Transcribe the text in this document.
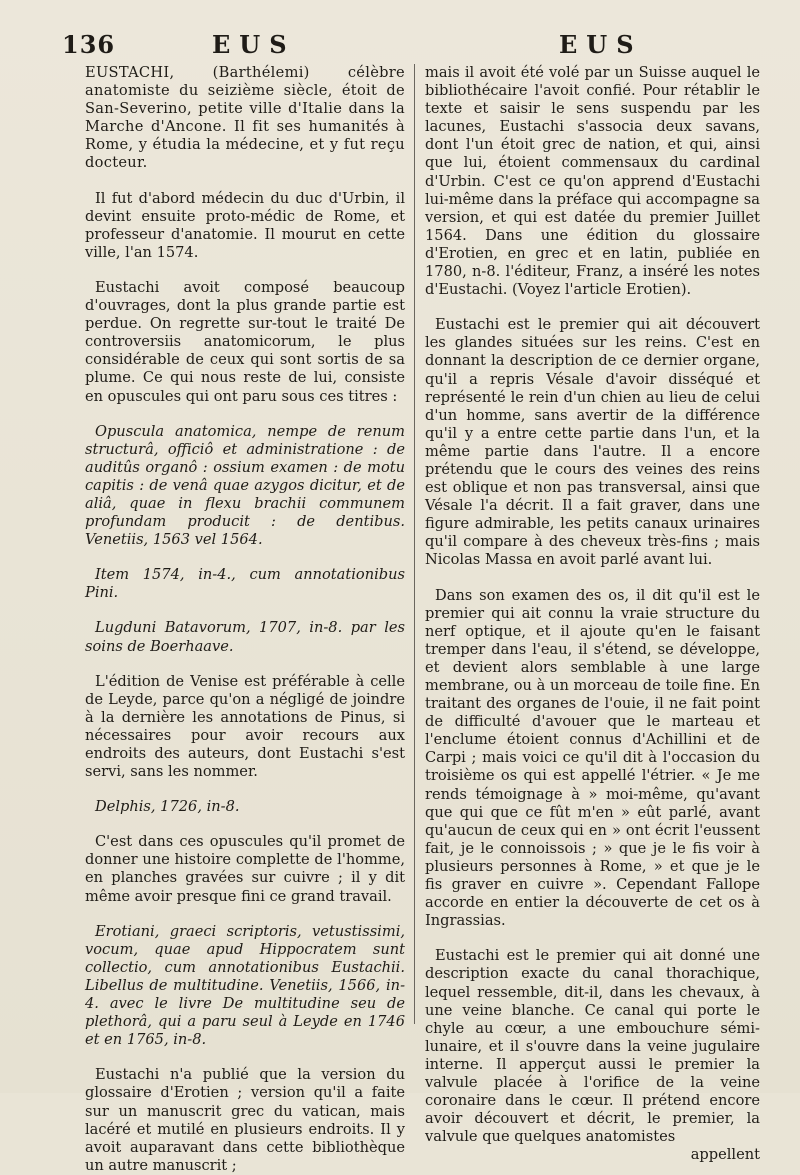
136	EUS	EUS

EUSTACHI, (Barthélemi) célèbre anatomiste du seizième siècle, étoit de San-Severino, petite ville d'Italie dans la Marche d'Ancone. Il fit ses humanités à Rome, y étudia la médecine, et y fut reçu docteur.

Il fut d'abord médecin du duc d'Urbin, il devint ensuite proto-médic de Rome, et professeur d'anatomie. Il mourut en cette ville, l'an 1574.

Eustachi avoit composé beaucoup d'ouvrages, dont la plus grande partie est perdue. On regrette sur-tout le traité De controversiis anatomicorum, le plus considérable de ceux qui sont sortis de sa plume. Ce qui nous reste de lui, consiste en opuscules qui ont paru sous ces titres :

Opuscula anatomica, nempe de renum structurâ, officiô et administratione : de auditûs organô : ossium examen : de motu capitis : de venâ quae azygos dicitur, et de aliâ, quae in flexu brachii communem profundam producit : de dentibus. Venetiis, 1563 vel 1564.

Item 1574, in-4., cum annotationibus Pini.

Lugduni Batavorum, 1707, in-8. par les soins de Boerhaave.

L'édition de Venise est préférable à celle de Leyde, parce qu'on a négligé de joindre à la dernière les annotations de Pinus, si nécessaires pour avoir recours aux endroits des auteurs, dont Eustachi s'est servi, sans les nommer.

Delphis, 1726, in-8.

C'est dans ces opuscules qu'il promet de donner une histoire complette de l'homme, en planches gravées sur cuivre ; il y dit même avoir presque fini ce grand travail.

Erotiani, graeci scriptoris, vetustissimi, vocum, quae apud Hippocratem sunt collectio, cum annotationibus Eustachii. Libellus de multitudine. Venetiis, 1566, in-4. avec le livre De multitudine seu de plethorâ, qui a paru seul à Leyde en 1746 et en 1765, in-8.

Eustachi n'a publié que la version du glossaire d'Erotien ; version qu'il a faite sur un manuscrit grec du vatican, mais lacéré et mutilé en plusieurs endroits. Il y avoit auparavant dans cette bibliothèque un autre manuscrit ;

mais il avoit été volé par un Suisse auquel le bibliothécaire l'avoit confié. Pour rétablir le texte et saisir le sens suspendu par les lacunes, Eustachi s'associa deux savans, dont l'un étoit grec de nation, et qui, ainsi que lui, étoient commensaux du cardinal d'Urbin. C'est ce qu'on apprend d'Eustachi lui-même dans la préface qui accompagne sa version, et qui est datée du premier Juillet 1564. Dans une édition du glossaire d'Erotien, en grec et en latin, publiée en 1780, n-8. l'éditeur, Franz, a inséré les notes d'Eustachi. (Voyez l'article Erotien).

Eustachi est le premier qui ait découvert les glandes situées sur les reins. C'est en donnant la description de ce dernier organe, qu'il a repris Vésale d'avoir disséqué et représenté le rein d'un chien au lieu de celui d'un homme, sans avertir de la différence qu'il y a entre cette partie dans l'un, et la même partie dans l'autre. Il a encore prétendu que le cours des veines des reins est oblique et non pas transversal, ainsi que Vésale l'a décrit. Il a fait graver, dans une figure admirable, les petits canaux urinaires qu'il compare à des cheveux très-fins ; mais Nicolas Massa en avoit parlé avant lui.

Dans son examen des os, il dit qu'il est le premier qui ait connu la vraie structure du nerf optique, et il ajoute qu'en le faisant tremper dans l'eau, il s'étend, se développe, et devient alors semblable à une large membrane, ou à un morceau de toile fine. En traitant des organes de l'ouie, il ne fait point de difficulté d'avouer que le marteau et l'enclume étoient connus d'Achillini et de Carpi ; mais voici ce qu'il dit à l'occasion du troisième os qui est appellé l'étrier. « Je me rends témoignage à » moi-même, qu'avant que qui que ce fût m'en » eût parlé, avant qu'aucun de ceux qui en » ont écrit l'eussent fait, je le connoissois ; » que je le fis voir à plusieurs personnes à Rome, » et que je le fis graver en cuivre ». Cependant Fallope accorde en entier la découverte de cet os à Ingrassias.

Eustachi est le premier qui ait donné une description exacte du canal thorachique, lequel ressemble, dit-il, dans les chevaux, à une veine blanche. Ce canal qui porte le chyle au cœur, a une embouchure sémi-lunaire, et il s'ouvre dans la veine jugulaire interne. Il apperçut aussi le premier la valvule placée à l'orifice de la veine coronaire dans le cœur. Il prétend encore avoir découvert et décrit, le premier, la valvule que quelques anatomistes

appellent
